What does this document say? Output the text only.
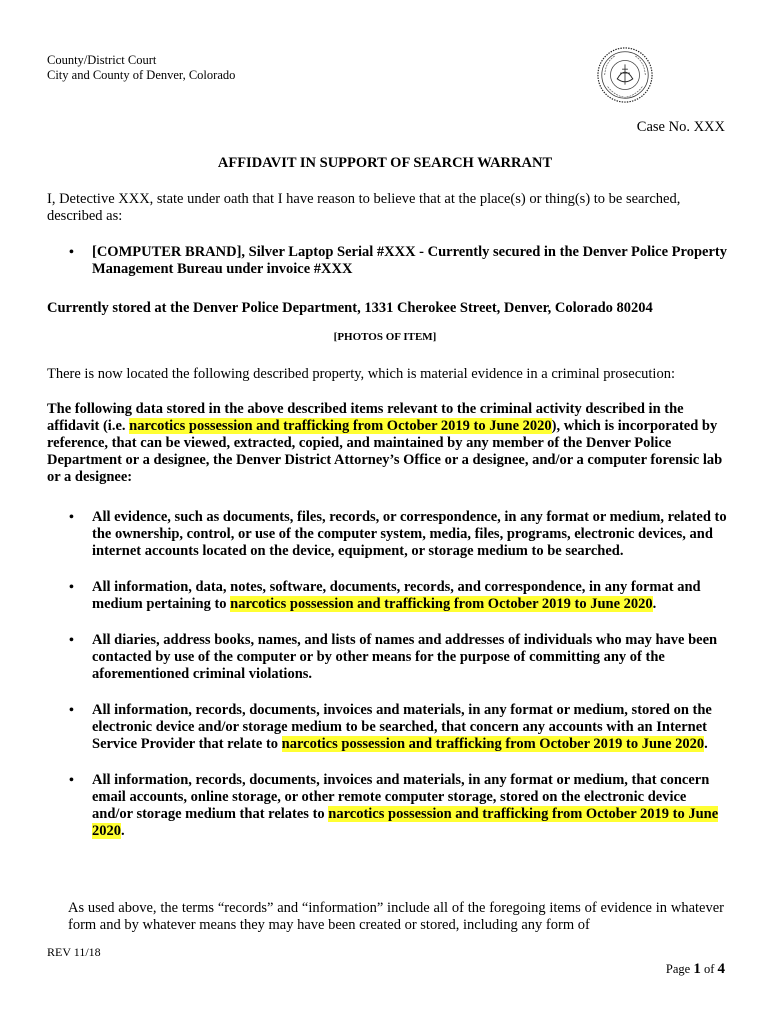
County/District Court
City and County of Denver, Colorado
Case No. XXX
AFFIDAVIT IN SUPPORT OF SEARCH WARRANT
I, Detective XXX, state under oath that I have reason to believe that at the place(s) or thing(s) to be searched, described as:
• [COMPUTER BRAND], Silver Laptop Serial #XXX - Currently secured in the Denver Police Property Management Bureau under invoice #XXX
Currently stored at the Denver Police Department, 1331 Cherokee Street, Denver, Colorado 80204
[PHOTOS OF ITEM]
There is now located the following described property, which is material evidence in a criminal prosecution:
The following data stored in the above described items relevant to the criminal activity described in the affidavit (i.e. narcotics possession and trafficking from October 2019 to June 2020), which is incorporated by reference, that can be viewed, extracted, copied, and maintained by any member of the Denver Police Department or a designee, the Denver District Attorney’s Office or a designee, and/or a computer forensic lab or a designee:
• All evidence, such as documents, files, records, or correspondence, in any format or medium, related to the ownership, control, or use of the computer system, media, files, programs, electronic devices, and internet accounts located on the device, equipment, or storage medium to be searched.
• All information, data, notes, software, documents, records, and correspondence, in any format and medium pertaining to narcotics possession and trafficking from October 2019 to June 2020.
• All diaries, address books, names, and lists of names and addresses of individuals who may have been contacted by use of the computer or by other means for the purpose of committing any of the aforementioned criminal violations.
• All information, records, documents, invoices and materials, in any format or medium, stored on the electronic device and/or storage medium to be searched, that concern any accounts with an Internet Service Provider that relate to narcotics possession and trafficking from October 2019 to June 2020.
• All information, records, documents, invoices and materials, in any format or medium, that concern email accounts, online storage, or other remote computer storage, stored on the electronic device and/or storage medium that relates to narcotics possession and trafficking from October 2019 to June 2020.
As used above, the terms “records” and “information” include all of the foregoing items of evidence in whatever form and by whatever means they may have been created or stored, including any form of
REV 11/18
Page 1 of 4
